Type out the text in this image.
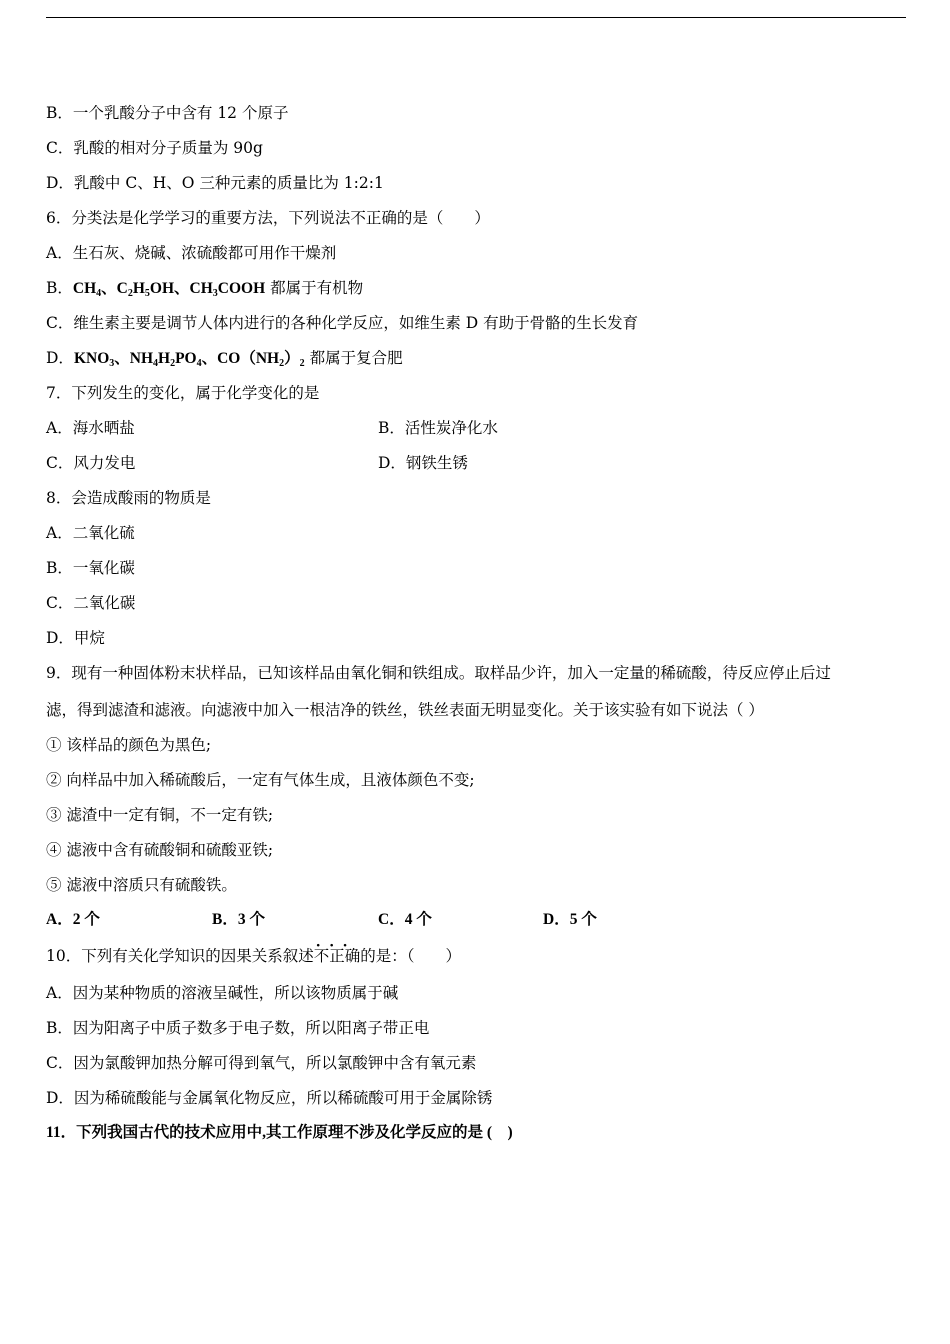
B．一个乳酸分子中含有 12 个原子
C．乳酸的相对分子质量为 90g
D．乳酸中 C、H、O 三种元素的质量比为 1:2:1
6．分类法是化学学习的重要方法，下列说法不正确的是（　　）
A．生石灰、烧碱、浓硫酸都可用作干燥剂
B．$CH_4$、$C_2H_5OH$、$CH_3COOH$ 都属于有机物
C．维生素主要是调节人体内进行的各种化学反应，如维生素 D 有助于骨骼的生长发育
D．$KNO_3$、$NH_4H_2PO_4$、$CO(NH_2)_2$ 都属于复合肥
7．下列发生的变化，属于化学变化的是
A．海水晒盐	B．活性炭净化水
C．风力发电	D．钢铁生锈
8．会造成酸雨的物质是
A．二氧化硫
B．一氧化碳
C．二氧化碳
D．甲烷
9．现有一种固体粉末状样品，已知该样品由氧化铜和铁组成。取样品少许，加入一定量的稀硫酸，待反应停止后过
滤，得到滤渣和滤液。向滤液中加入一根洁净的铁丝，铁丝表面无明显变化。关于该实验有如下说法（ ）
① 该样品的颜色为黑色;
② 向样品中加入稀硫酸后，一定有气体生成，且液体颜色不变;
③ 滤渣中一定有铜，不一定有铁;
④ 滤液中含有硫酸铜和硫酸亚铁;
⑤ 滤液中溶质只有硫酸铁。
A．2 个	B．3 个	C．4 个	D．5 个
10．下列有关化学知识的因果关系叙述·  ·  · 不正确的是：（　　）
A．因为某种物质的溶液呈碱性，所以该物质属于碱
B．因为阳离子中质子数多于电子数，所以阳离子带正电
C．因为氯酸钾加热分解可得到氧气，所以氯酸钾中含有氧元素
D．因为稀硫酸能与金属氧化物反应，所以稀硫酸可用于金属除锈
11．下列我国古代的技术应用中,其工作原理不涉及化学反应的是 (　)
